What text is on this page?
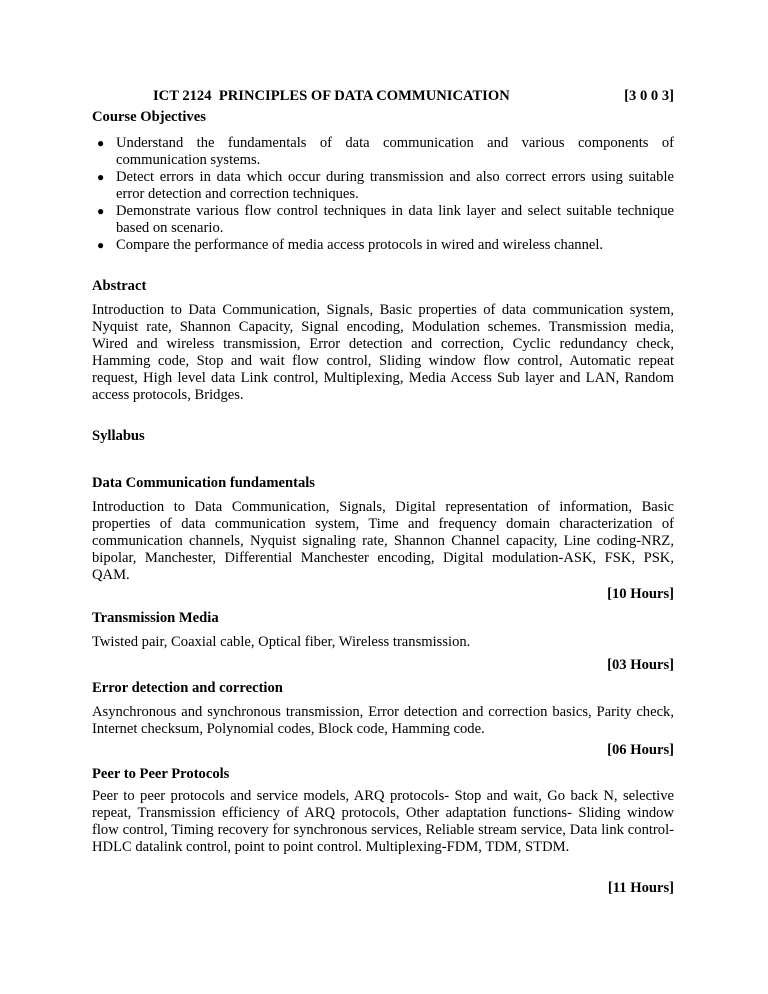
ICT 2124  PRINCIPLES OF DATA COMMUNICATION	[3 0 0 3]
Course Objectives
● Understand the fundamentals of data communication and various components of communication systems.
● Detect errors in data which occur during transmission and also correct errors using suitable error detection and correction techniques.
● Demonstrate various flow control techniques in data link layer and select suitable technique based on scenario.
● Compare the performance of media access protocols in wired and wireless channel.
Abstract
Introduction to Data Communication, Signals, Basic properties of data communication system, Nyquist rate, Shannon Capacity, Signal encoding, Modulation schemes. Transmission media, Wired and wireless transmission, Error detection and correction, Cyclic redundancy check, Hamming code, Stop and wait flow control, Sliding window flow control, Automatic repeat request, High level data Link control, Multiplexing, Media Access Sub layer and LAN, Random access protocols, Bridges.
Syllabus
Data Communication fundamentals
Introduction to Data Communication, Signals, Digital representation of information, Basic properties of data communication system, Time and frequency domain characterization of communication channels, Nyquist signaling rate, Shannon Channel capacity, Line coding-NRZ, bipolar, Manchester, Differential Manchester encoding, Digital modulation-ASK, FSK, PSK, QAM.
[10 Hours]
Transmission Media
Twisted pair, Coaxial cable, Optical fiber, Wireless transmission.
[03 Hours]
Error detection and correction
Asynchronous and synchronous transmission, Error detection and correction basics, Parity check, Internet checksum, Polynomial codes, Block code, Hamming code.
[06 Hours]
Peer to Peer Protocols
Peer to peer protocols and service models, ARQ protocols- Stop and wait, Go back N, selective repeat, Transmission efficiency of ARQ protocols, Other adaptation functions- Sliding window flow control, Timing recovery for synchronous services, Reliable stream service, Data link control- HDLC datalink control, point to point control. Multiplexing-FDM, TDM, STDM.
[11 Hours]
